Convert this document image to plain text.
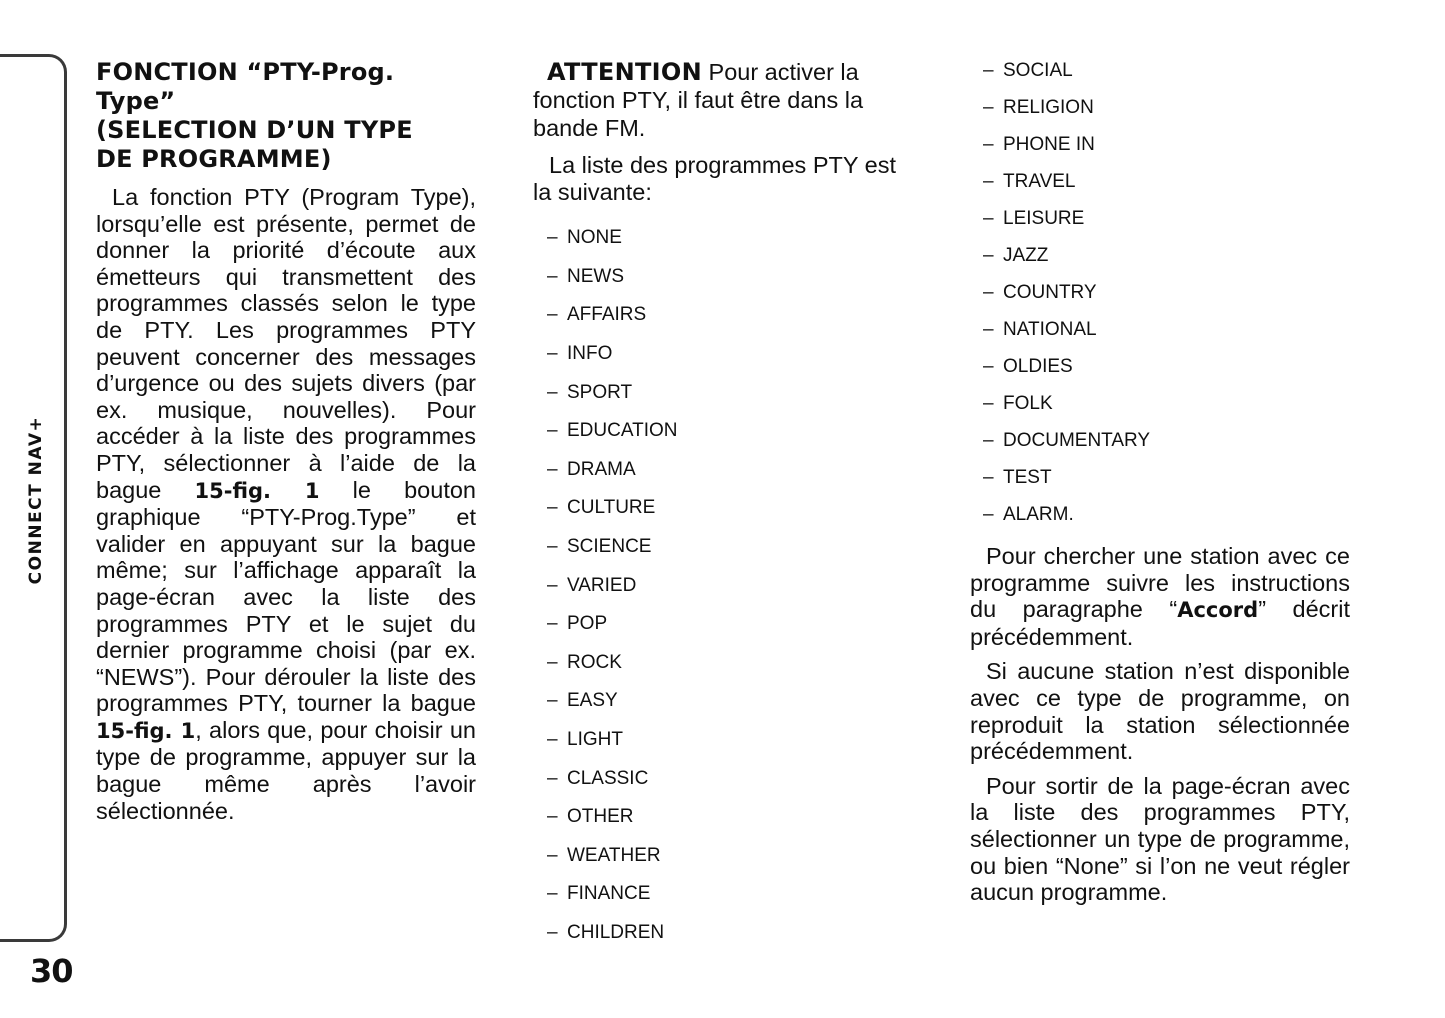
CONNECT NAV+
30
FONCTION “PTY-Prog. Type”
(SELECTION D’UN TYPE
DE PROGRAMME)

La fonction PTY (Program Type), lorsqu’elle est présente, permet de donner la priorité d’écoute aux émetteurs qui transmettent des programmes classés selon le type de PTY. Les programmes PTY peuvent concerner des messages d’urgence ou des sujets divers (par ex. musique, nouvelles). Pour accéder à la liste des programmes PTY, sélectionner à l’aide de la bague 15-fig. 1 le bouton graphique “PTY-Prog.Type” et valider en appuyant sur la bague même; sur l’affichage apparaît la page-écran avec la liste des programmes PTY et le sujet du dernier programme choisi (par ex. “NEWS”). Pour dérouler la liste des programmes PTY, tourner la bague 15-fig. 1, alors que, pour choisir un type de programme, appuyer sur la bague même après l’avoir sélectionnée.

ATTENTION Pour activer la fonction PTY, il faut être dans la bande FM.

La liste des programmes PTY est la suivante:

– NONE
– NEWS
– AFFAIRS
– INFO
– SPORT
– EDUCATION
– DRAMA
– CULTURE
– SCIENCE
– VARIED
– POP
– ROCK
– EASY
– LIGHT
– CLASSIC
– OTHER
– WEATHER
– FINANCE
– CHILDREN
– SOCIAL
– RELIGION
– PHONE IN
– TRAVEL
– LEISURE
– JAZZ
– COUNTRY
– NATIONAL
– OLDIES
– FOLK
– DOCUMENTARY
– TEST
– ALARM.

Pour chercher une station avec ce programme suivre les instructions du paragraphe “Accord” décrit précédemment.

Si aucune station n’est disponible avec ce type de programme, on reproduit la station sélectionnée précédemment.

Pour sortir de la page-écran avec la liste des programmes PTY, sélectionner un type de programme, ou bien “None” si l’on ne veut régler aucun programme.
